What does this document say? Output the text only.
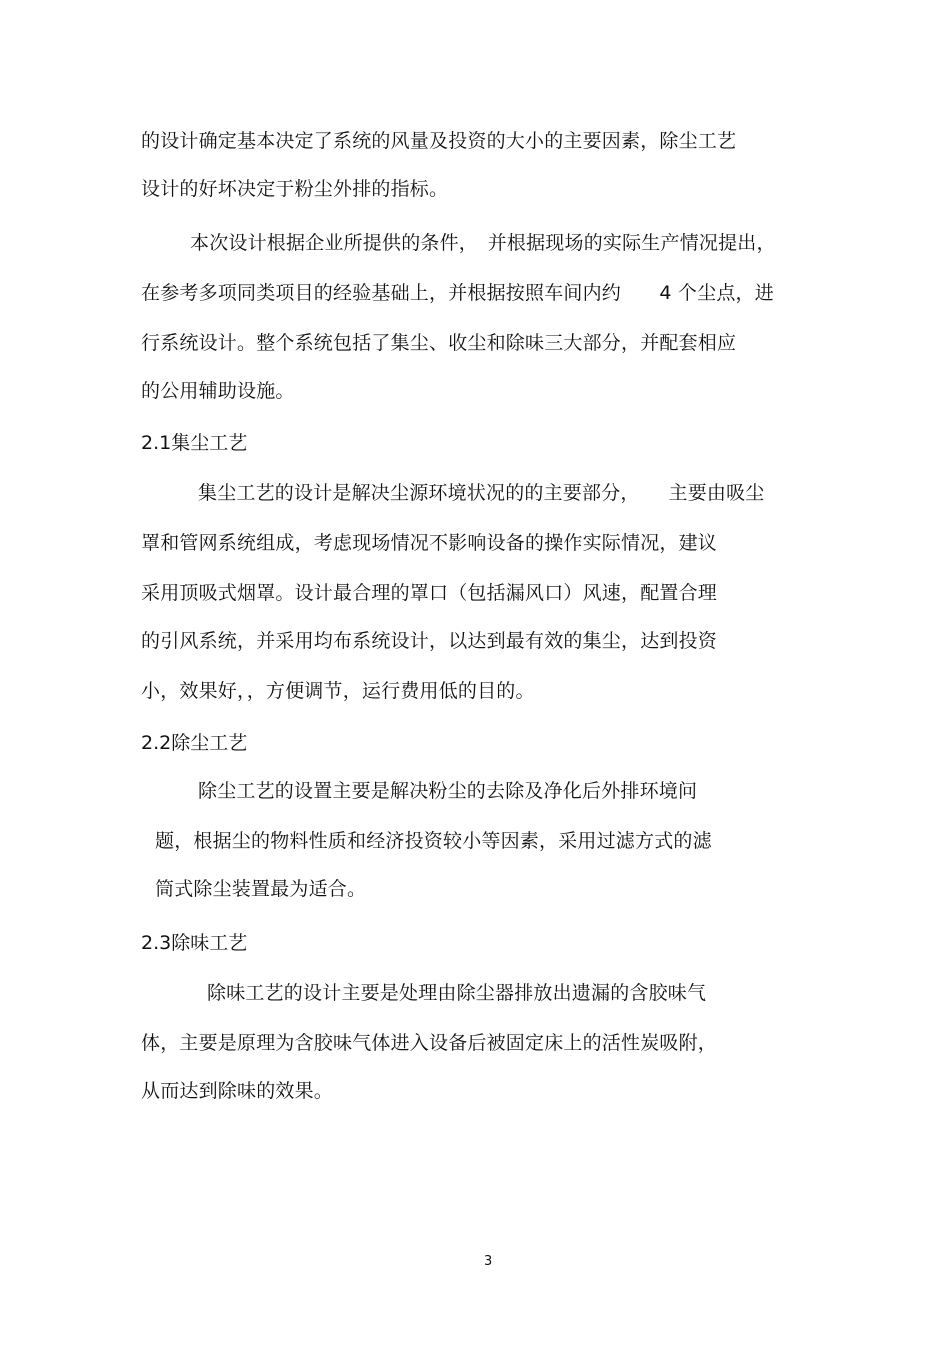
的设计确定基本决定了系统的风量及投资的大小的主要因素，除尘工艺
设计的好坏决定于粉尘外排的指标。
本次设计根据企业所提供的条件，　并根据现场的实际生产情况提出，
在参考多项同类项目的经验基础上，并根据按照车间内约　　4 个尘点，进
行系统设计。整个系统包括了集尘、收尘和除味三大部分，并配套相应
的公用辅助设施。
2.1集尘工艺
集尘工艺的设计是解决尘源环境状况的的主要部分，　　主要由吸尘
罩和管网系统组成，考虑现场情况不影响设备的操作实际情况，建议
采用顶吸式烟罩。设计最合理的罩口（包括漏风口）风速，配置合理
的引风系统，并采用均布系统设计，以达到最有效的集尘，达到投资
小，效果好，，方便调节，运行费用低的目的。
2.2除尘工艺
除尘工艺的设置主要是解决粉尘的去除及净化后外排环境问
题，根据尘的物料性质和经济投资较小等因素，采用过滤方式的滤
筒式除尘装置最为适合。
2.3除味工艺
除味工艺的设计主要是处理由除尘器排放出遗漏的含胶味气
体，主要是原理为含胶味气体进入设备后被固定床上的活性炭吸附，
从而达到除味的效果。
3
